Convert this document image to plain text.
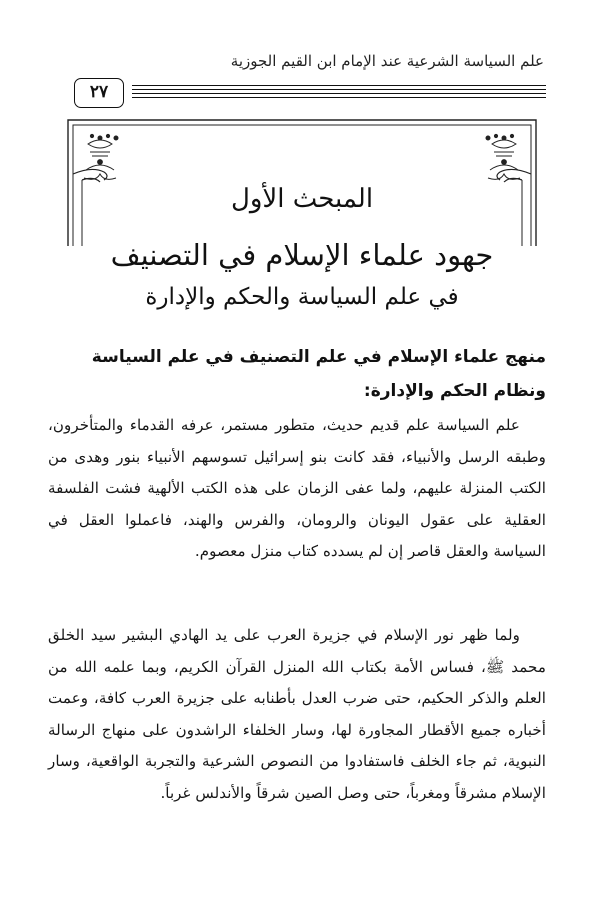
علم السياسة الشرعية عند الإمام ابن القيم الجوزية
٢٧
المبحث الأول
جهود علماء الإسلام في التصنيف
في علم السياسة والحكم والإدارة
منهج علماء الإسلام في علم التصنيف في علم السياسة ونظام الحكم والإدارة:
علم السياسة علم قديم حديث، متطور مستمر، عرفه القدماء والمتأخرون، وطبقه الرسل والأنبياء، فقد كانت بنو إسرائيل تسوسهم الأنبياء بنور وهدى من الكتب المنزلة عليهم، ولما عفى الزمان على هذه الكتب الألهية فشت الفلسفة العقلية على عقول اليونان والرومان، والفرس والهند، فاعملوا العقل في السياسة والعقل قاصر إن لم يسدده كتاب منزل معصوم.
ولما ظهر نور الإسلام في جزيرة العرب على يد الهادي البشير سيد الخلق محمد ﷺ، فساس الأمة بكتاب الله المنزل القرآن الكريم، وبما علمه الله من العلم والذكر الحكيم، حتى ضرب العدل بأطنابه على جزيرة العرب كافة، وعمت أخباره جميع الأقطار المجاورة لها، وسار الخلفاء الراشدون على منهاج الرسالة النبوية، ثم جاء الخلف فاستفادوا من النصوص الشرعية والتجربة الواقعية، وسار الإسلام مشرقاً ومغرباً، حتى وصل الصين شرقاً والأندلس غرباً.
